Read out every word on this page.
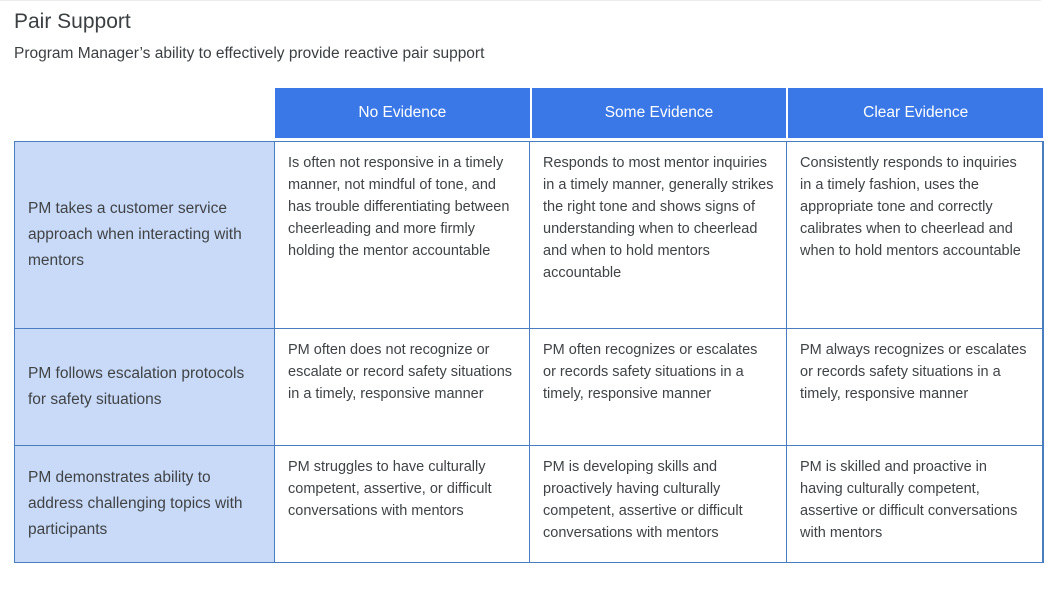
Pair Support
Program Manager’s ability to effectively provide reactive pair support
No Evidence	Some Evidence	Clear Evidence
PM takes a customer service approach when interacting with mentors
Is often not responsive in a timely manner, not mindful of tone, and has trouble differentiating between cheerleading and more firmly holding the mentor accountable
Responds to most mentor inquiries in a timely manner, generally strikes the right tone and shows signs of understanding when to cheerlead and when to hold mentors accountable
Consistently responds to inquiries in a timely fashion, uses the appropriate tone and correctly calibrates when to cheerlead and when to hold mentors accountable
PM follows escalation protocols for safety situations
PM often does not recognize or escalate or record safety situations in a timely, responsive manner
PM often recognizes or escalates or records safety situations in a timely, responsive manner
PM always recognizes or escalates or records safety situations in a timely, responsive manner
PM demonstrates ability to address challenging topics with participants
PM struggles to have culturally competent, assertive, or difficult conversations with mentors
PM is developing skills and proactively having culturally competent, assertive or difficult conversations with mentors
PM is skilled and proactive in having culturally competent, assertive or difficult conversations with mentors
